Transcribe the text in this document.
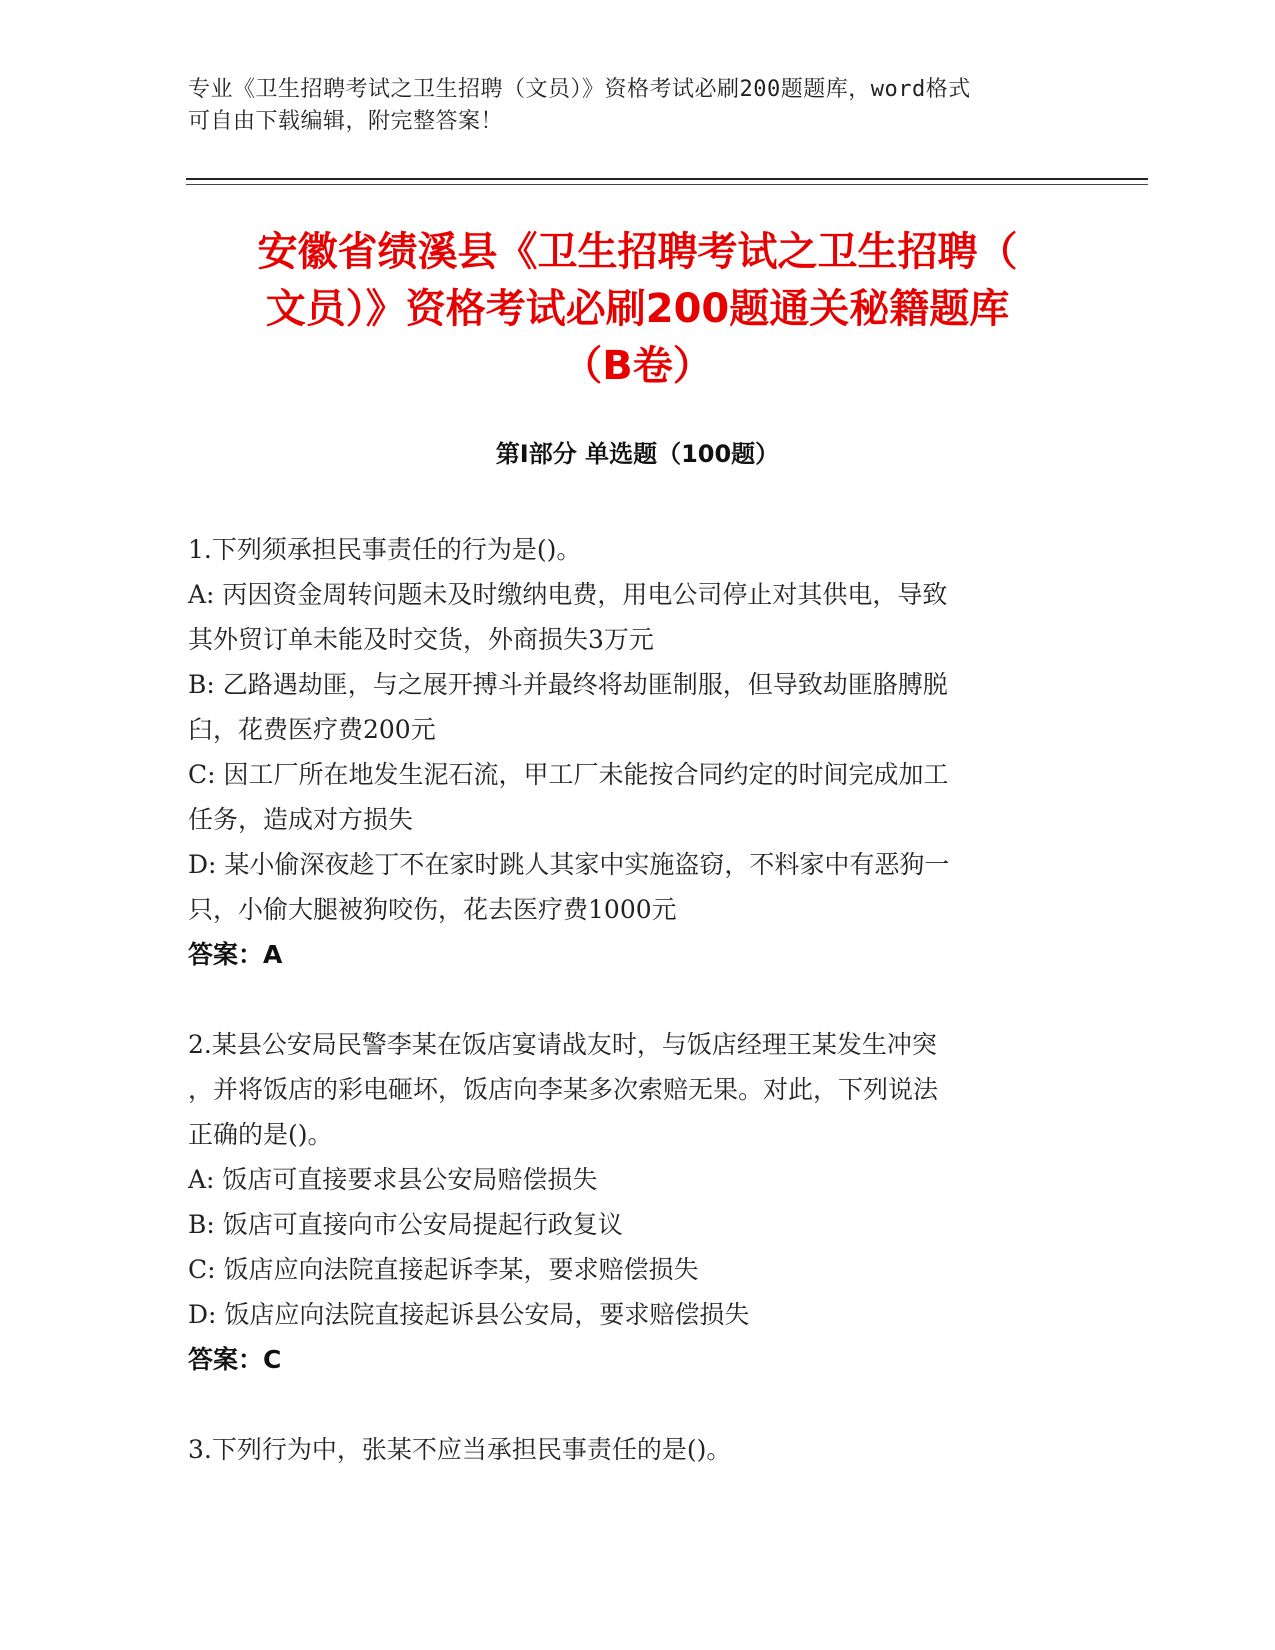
专业《卫生招聘考试之卫生招聘（文员）》资格考试必刷200题题库，word格式
可自由下载编辑，附完整答案！
安徽省绩溪县《卫生招聘考试之卫生招聘（
文员）》资格考试必刷200题通关秘籍题库
（B卷）
第Ⅰ部分 单选题（100题）

1.下列须承担民事责任的行为是()。

A: 丙因资金周转问题未及时缴纳电费，用电公司停止对其供电，导致

其外贸订单未能及时交货，外商损失3万元

B: 乙路遇劫匪，与之展开搏斗并最终将劫匪制服，但导致劫匪胳膊脱

臼，花费医疗费200元

C: 因工厂所在地发生泥石流，甲工厂未能按合同约定的时间完成加工

任务，造成对方损失

D: 某小偷深夜趁丁不在家时跳人其家中实施盗窃，不料家中有恶狗一

只，小偷大腿被狗咬伤，花去医疗费1000元

答案：A

2.某县公安局民警李某在饭店宴请战友时，与饭店经理王某发生冲突

，并将饭店的彩电砸坏，饭店向李某多次索赔无果。对此，下列说法

正确的是()。

A: 饭店可直接要求县公安局赔偿损失

B: 饭店可直接向市公安局提起行政复议

C: 饭店应向法院直接起诉李某，要求赔偿损失

D: 饭店应向法院直接起诉县公安局，要求赔偿损失

答案：C

3.下列行为中，张某不应当承担民事责任的是()。
